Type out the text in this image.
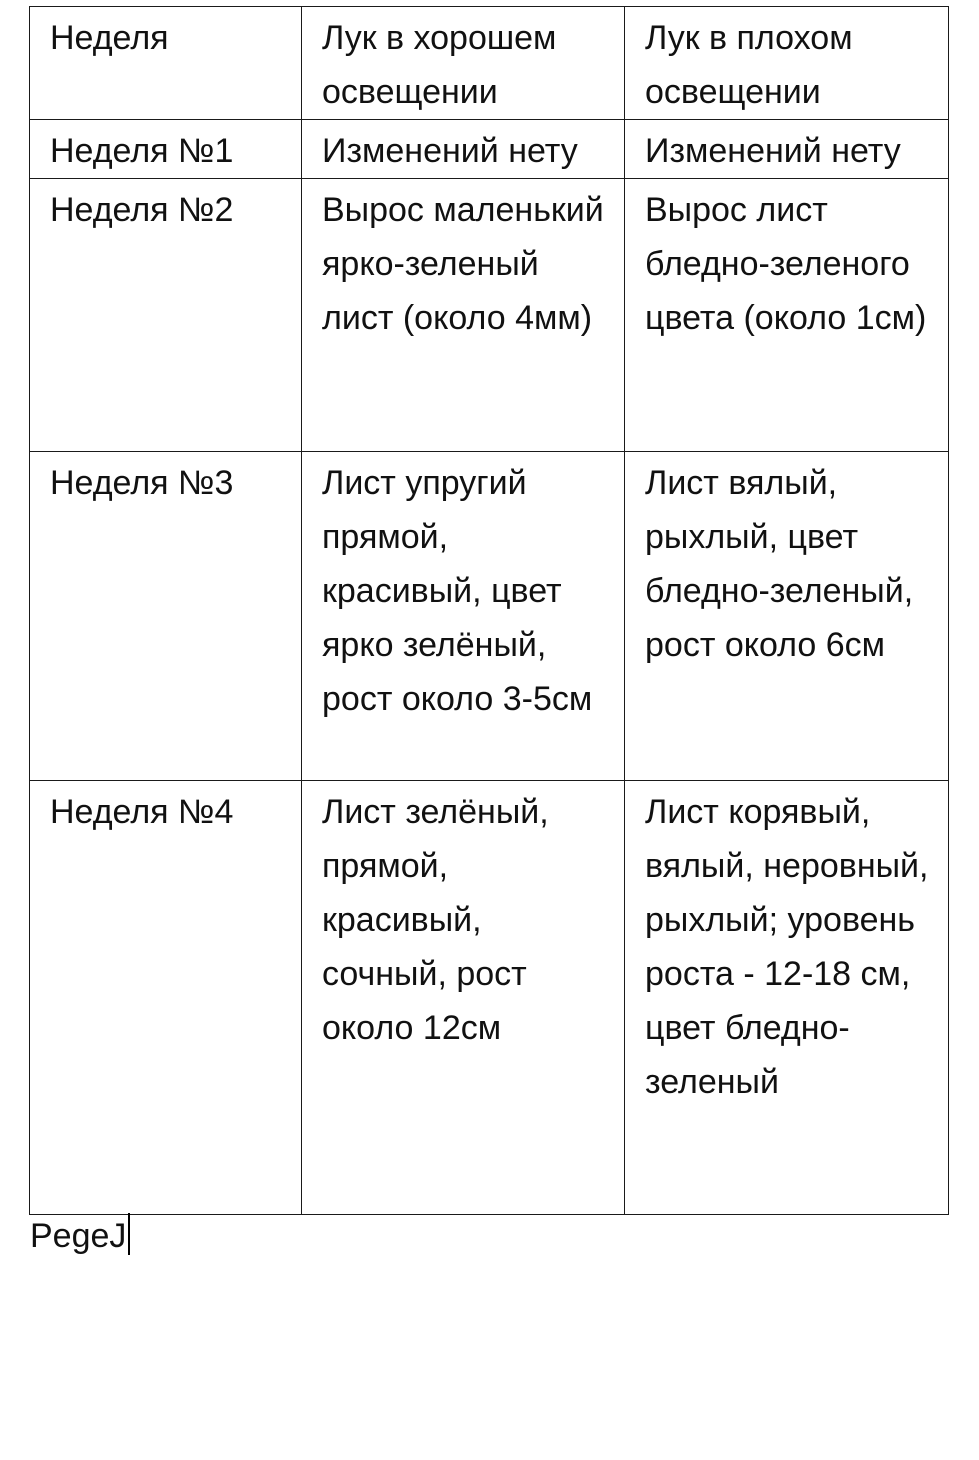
Неделя	Лук в хорошем освещении	Лук в плохом освещении
Неделя №1	Изменений нету	Изменений нету
Неделя №2	Вырос маленький ярко-зеленый лист (около 4мм)	Вырос лист бледно-зеленого цвета (около 1см)
Неделя №3	Лист упругий прямой, красивый, цвет ярко зелёный, рост около 3-5см	Лист вялый, рыхлый, цвет бледно-зеленый, рост около 6см
Неделя №4	Лист зелёный, прямой, красивый, сочный, рост около 12см	Лист корявый, вялый, неровный, рыхлый; уровень роста - 12-18 см, цвет бледно-зеленый
PegeJ
